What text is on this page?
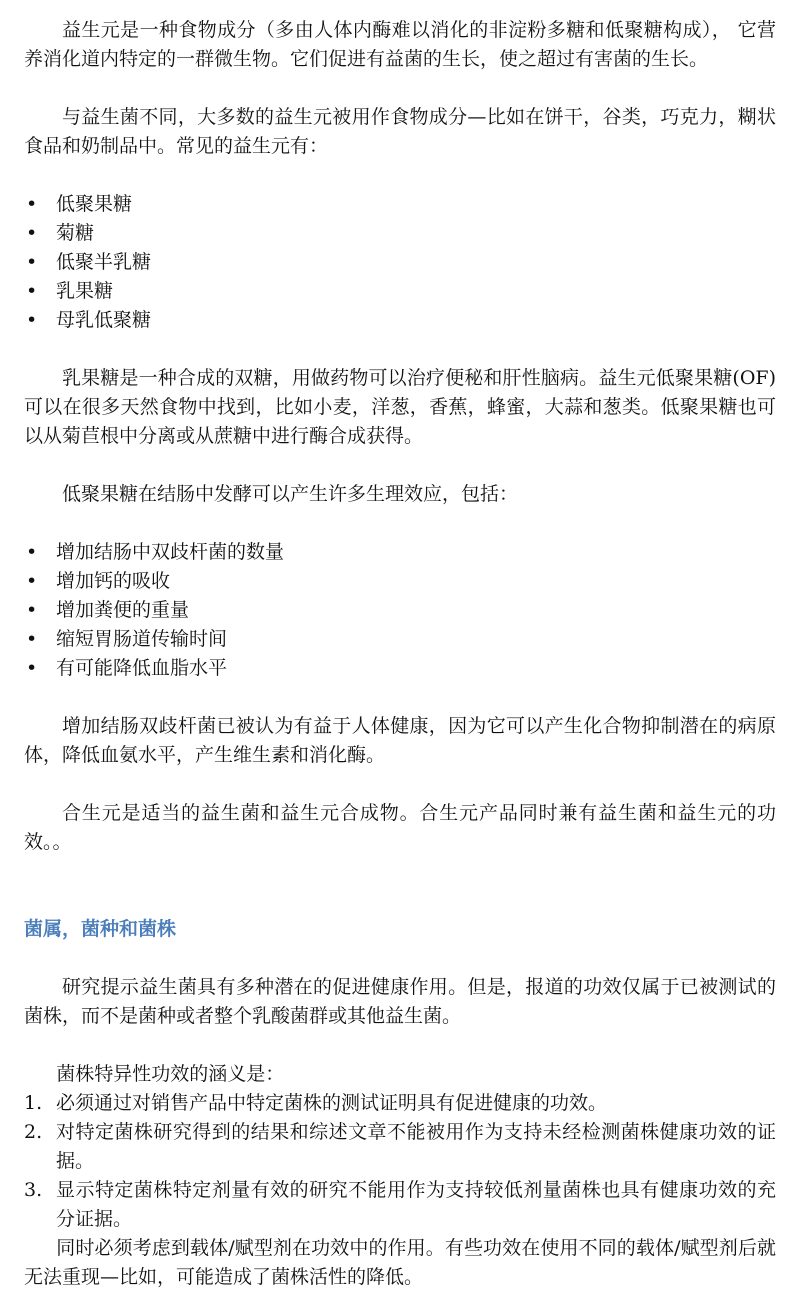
益生元是一种食物成分（多由人体内酶难以消化的非淀粉多糖和低聚糖构成）， 它营养消化道内特定的一群微生物。它们促进有益菌的生长，使之超过有害菌的生长。

与益生菌不同，大多数的益生元被用作食物成分—比如在饼干，谷类，巧克力，糊状食品和奶制品中。常见的益生元有：

• 低聚果糖
• 菊糖
• 低聚半乳糖
• 乳果糖
• 母乳低聚糖

乳果糖是一种合成的双糖，用做药物可以治疗便秘和肝性脑病。益生元低聚果糖(OF)可以在很多天然食物中找到，比如小麦，洋葱，香蕉，蜂蜜，大蒜和葱类。低聚果糖也可以从菊苣根中分离或从蔗糖中进行酶合成获得。

低聚果糖在结肠中发酵可以产生许多生理效应，包括：

• 增加结肠中双歧杆菌的数量
• 增加钙的吸收
• 增加粪便的重量
• 缩短胃肠道传输时间
• 有可能降低血脂水平

增加结肠双歧杆菌已被认为有益于人体健康，因为它可以产生化合物抑制潜在的病原体，降低血氨水平，产生维生素和消化酶。

合生元是适当的益生菌和益生元合成物。合生元产品同时兼有益生菌和益生元的功效。。

菌属，菌种和菌株

研究提示益生菌具有多种潜在的促进健康作用。但是，报道的功效仅属于已被测试的菌株，而不是菌种或者整个乳酸菌群或其他益生菌。

菌株特异性功效的涵义是：

1. 必须通过对销售产品中特定菌株的测试证明具有促进健康的功效。
2. 对特定菌株研究得到的结果和综述文章不能被用作为支持未经检测菌株健康功效的证据。
3. 显示特定菌株特定剂量有效的研究不能用作为支持较低剂量菌株也具有健康功效的充分证据。

同时必须考虑到载体/赋型剂在功效中的作用。有些功效在使用不同的载体/赋型剂后就无法重现—比如，可能造成了菌株活性的降低。
